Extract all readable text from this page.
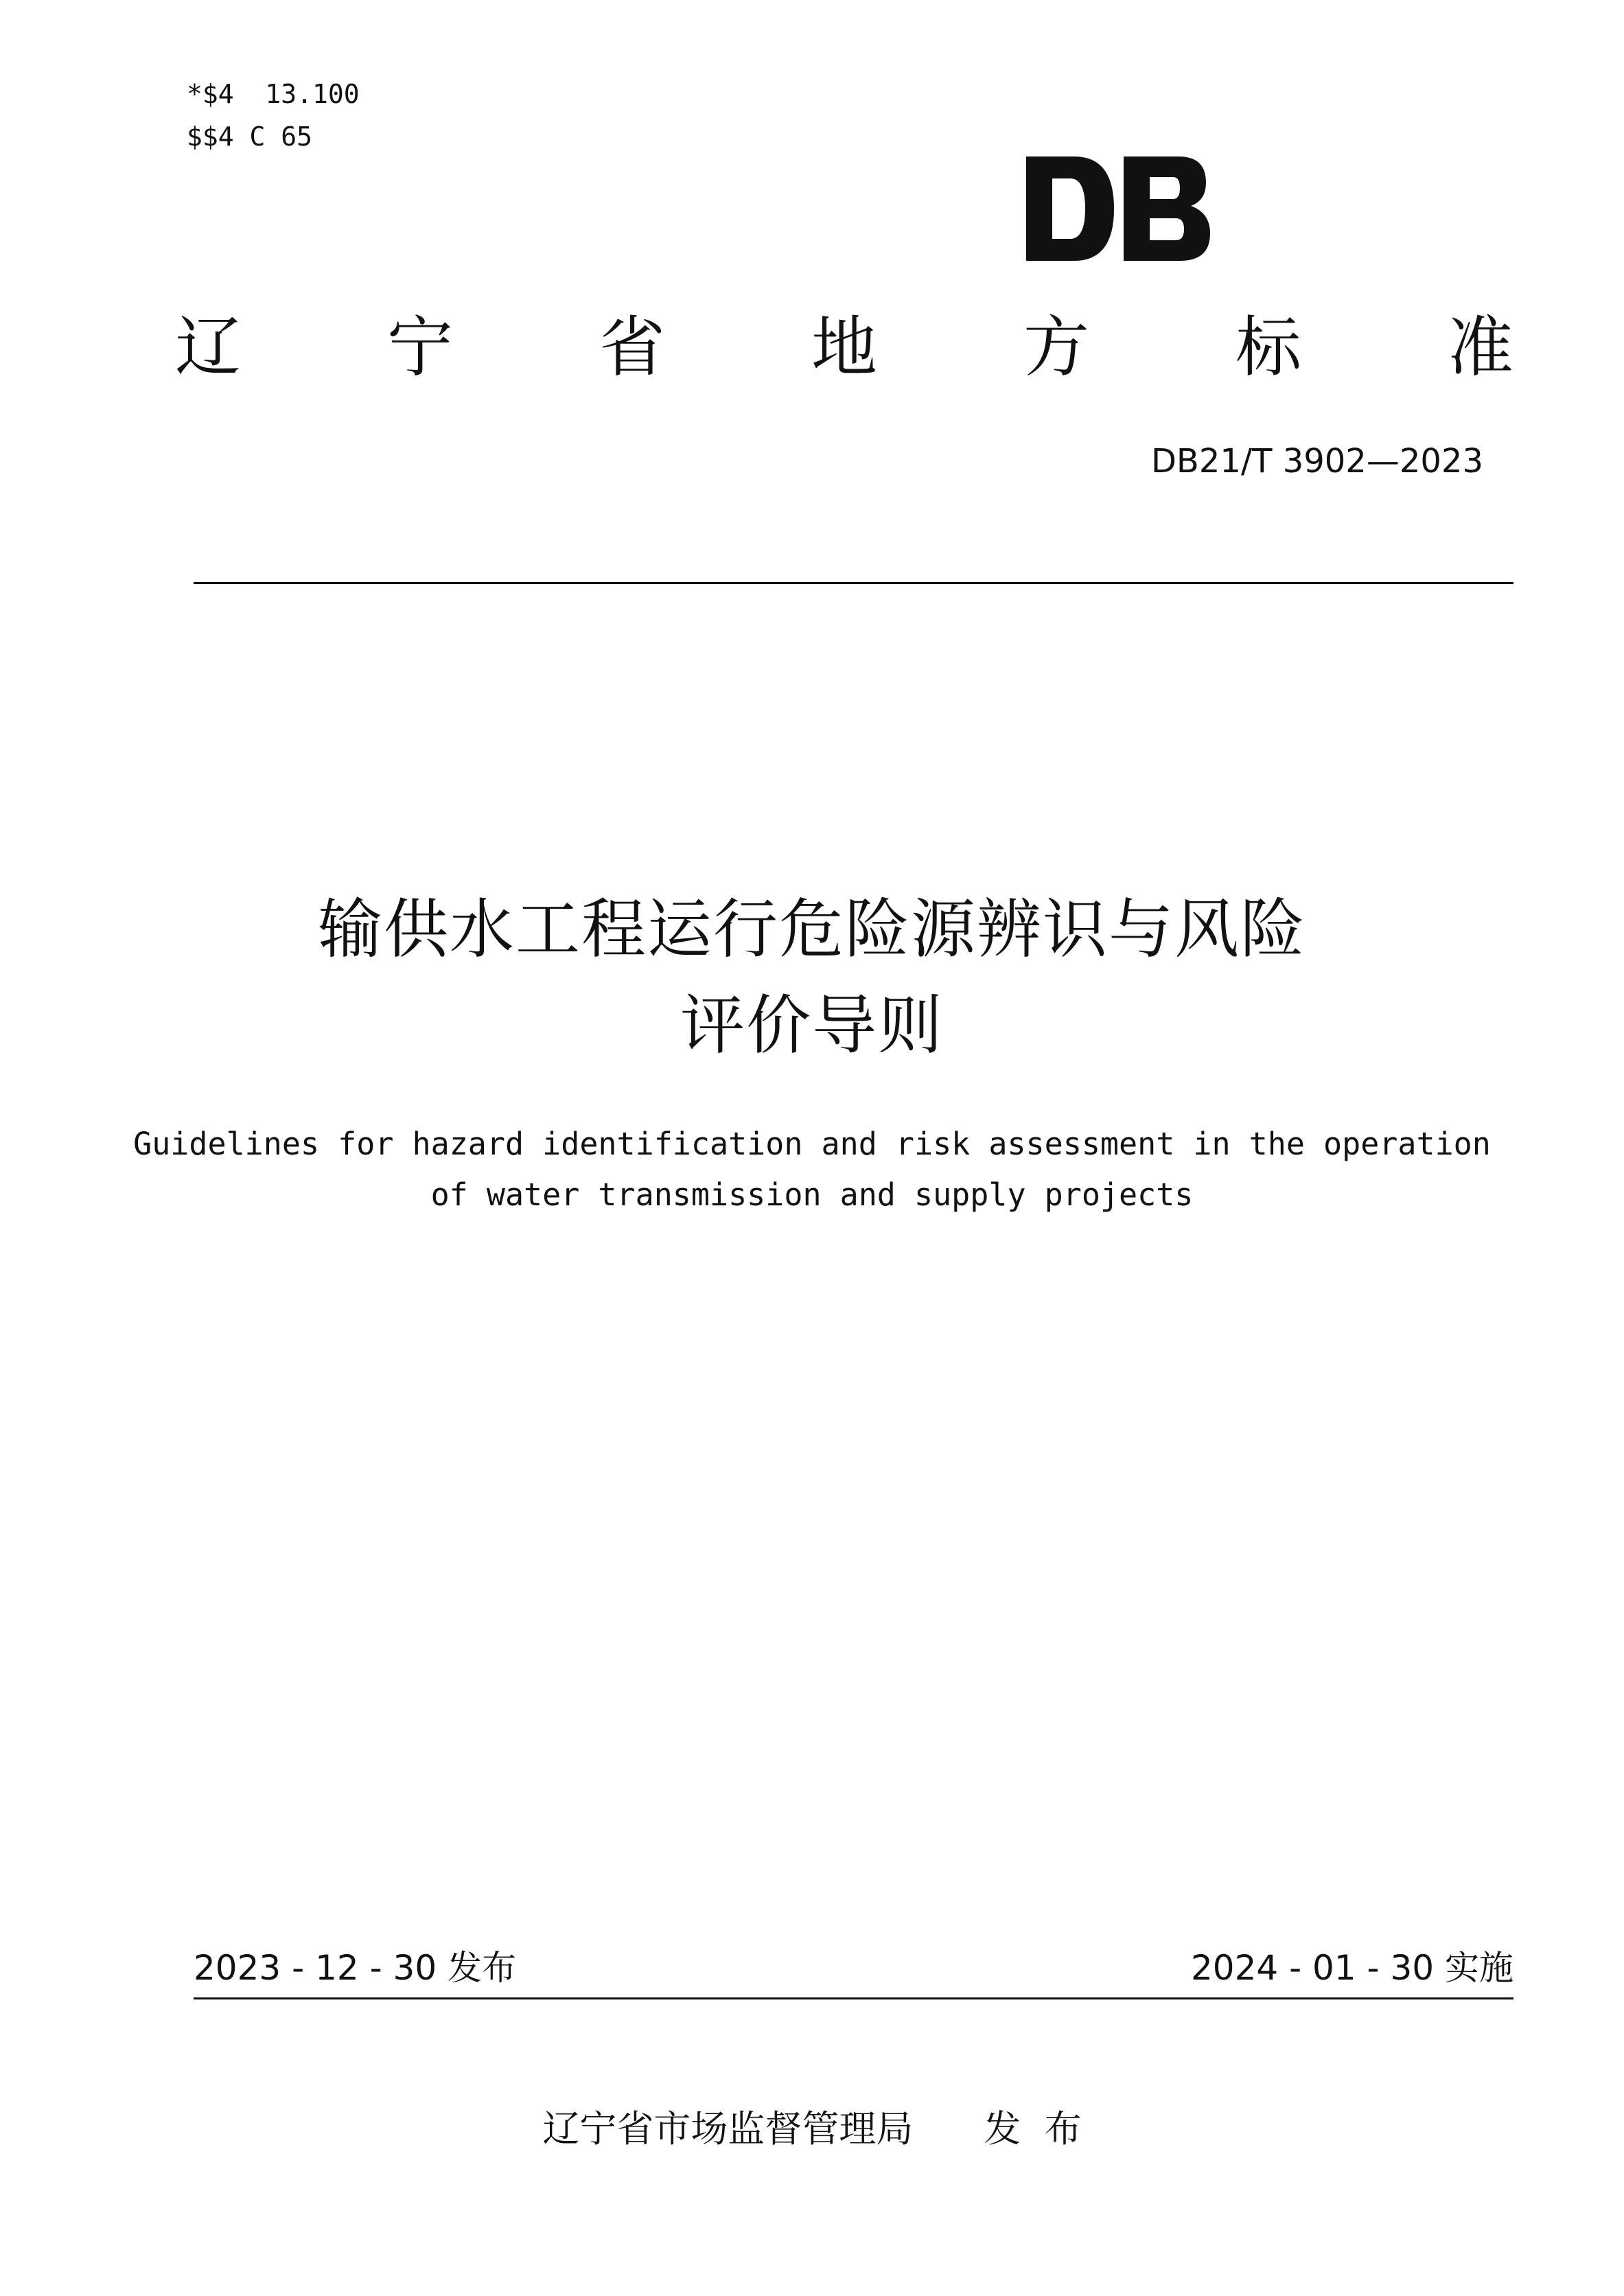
*$4  13.100
$$4 C 65
辽 宁 省 地 方 标 准
DB21/T 3902—2023
输供水工程运行危险源辨识与风险
评价导则
Guidelines for hazard identification and risk assessment in the operation
of water transmission and supply projects
2023 - 12 - 30 发布	2024 - 01 - 30 实施
辽宁省市场监督管理局      发  布
